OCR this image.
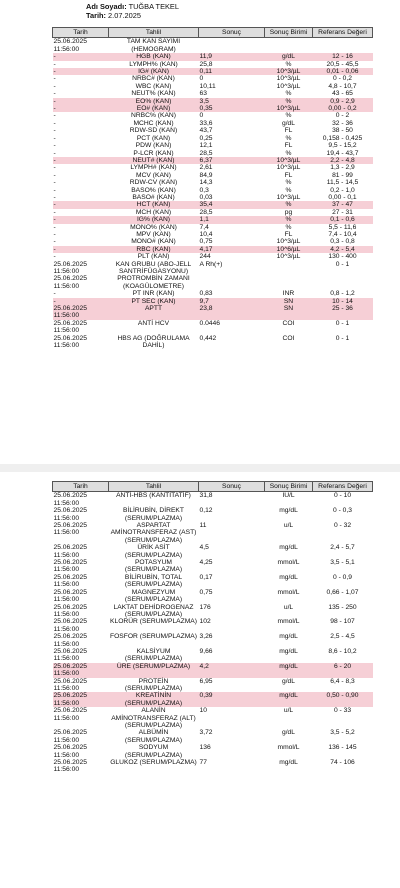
Adı Soyadı: TUĞBA TEKEL
Tarih: 2.07.2025
Tarih	Tahlil	Sonuç	Sonuç Birimi	Referans Değeri
25.06.2025 11:56:00	TAM KAN SAYIMI (HEMOGRAM)			
-	HGB (KAN)	11,9	g/dL	12 - 16
-	LYMPH% (KAN)	25,8	%	20,5 - 45,5
-	IG# (KAN)	0,11	10^3/µL	0,01 - 0,06
-	NRBC# (KAN)	0	10^3/µL	0 - 0,2
-	WBC (KAN)	10,11	10^3/µL	4,8 - 10,7
-	NEUT% (KAN)	63	%	43 - 65
-	EO% (KAN)	3,5	%	0,9 - 2,9
-	EO# (KAN)	0,35	10^3/µL	0,00 - 0,2
-	NRBC% (KAN)	0	%	0 - 2
-	MCHC (KAN)	33,6	g/dL	32 - 36
-	RDW-SD (KAN)	43,7	FL	38 - 50
-	PCT (KAN)	0,25	%	0,158 - 0,425
-	PDW (KAN)	12,1	FL	9,5 - 15,2
-	P-LCR (KAN)	28,5	%	19,4 - 43,7
-	NEUT# (KAN)	6,37	10^3/µL	2,2 - 4,8
-	LYMPH# (KAN)	2,61	10^3/µL	1,3 - 2,9
-	MCV (KAN)	84,9	FL	81 - 99
-	RDW-CV (KAN)	14,3	%	11,5 - 14,5
-	BASO% (KAN)	0,3	%	0,2 - 1,0
-	BASO# (KAN)	0,03	10^3/µL	0,00 - 0,1
-	HCT (KAN)	35,4	%	37 - 47
-	MCH (KAN)	28,5	pg	27 - 31
-	IG% (KAN)	1,1	%	0,1 - 0,6
-	MONO% (KAN)	7,4	%	5,5 - 11,6
-	MPV (KAN)	10,4	FL	7,4 - 10,4
-	MONO# (KAN)	0,75	10^3/µL	0,3 - 0,8
-	RBC (KAN)	4,17	10^6/µL	4,2 - 5,4
-	PLT (KAN)	244	10^3/µL	130 - 400
25.06.2025 11:56:00	KAN GRUBU (ABO-JELL SANTRİFÜGASYONU)	A Rh(+)		0 - 1
25.06.2025 11:56:00	PROTROMBİN ZAMANI (KOAGÜLOMETRE)			
-	PT INR (KAN)	0,83	INR	0,8 - 1,2
-	PT SEC (KAN)	9,7	SN	10 - 14
25.06.2025 11:56:00	APTT	23,8	SN	25 - 36
25.06.2025 11:56:00	ANTİ HCV	0.0446	COI	0 - 1
25.06.2025 11:56:00	HBS AG (DOĞRULAMA DAHİL)	0,442	COI	0 - 1
Tarih	Tahlil	Sonuç	Sonuç Birimi	Referans Değeri
25.06.2025 11:56:00	ANTİ-HBS (KANTİTATİF)	31,8	IU/L	0 - 10
25.06.2025 11:56:00	BİLİRUBİN, DİREKT (SERUM/PLAZMA)	0,12	mg/dL	0 - 0,3
25.06.2025 11:56:00	ASPARTAT AMİNOTRANSFERAZ (AST) (SERUM/PLAZMA)	11	u/L	0 - 32
25.06.2025 11:56:00	ÜRİK ASİT (SERUM/PLAZMA)	4,5	mg/dL	2,4 - 5,7
25.06.2025 11:56:00	POTASYUM (SERUM/PLAZMA)	4,25	mmol/L	3,5 - 5,1
25.06.2025 11:56:00	BİLİRUBİN, TOTAL (SERUM/PLAZMA)	0,17	mg/dL	0 - 0,9
25.06.2025 11:56:00	MAGNEZYUM (SERUM/PLAZMA)	0,75	mmol/L	0,66 - 1,07
25.06.2025 11:56:00	LAKTAT DEHİDROGENAZ (SERUM/PLAZMA)	176	u/L	135 - 250
25.06.2025 11:56:00	KLORÜR (SERUM/PLAZMA)	102	mmol/L	98 - 107
25.06.2025 11:56:00	FOSFOR (SERUM/PLAZMA)	3,26	mg/dL	2,5 - 4,5
25.06.2025 11:56:00	KALSİYUM (SERUM/PLAZMA)	9,66	mg/dL	8,6 - 10,2
25.06.2025 11:56:00	ÜRE (SERUM/PLAZMA)	4,2	mg/dL	6 - 20
25.06.2025 11:56:00	PROTEİN (SERUM/PLAZMA)	6,95	g/dL	6,4 - 8,3
25.06.2025 11:56:00	KREATİNİN (SERUM/PLAZMA)	0,39	mg/dL	0,50 - 0,90
25.06.2025 11:56:00	ALANİN AMİNOTRANSFERAZ (ALT) (SERUM/PLAZMA)	10	u/L	0 - 33
25.06.2025 11:56:00	ALBÜMİN (SERUM/PLAZMA)	3,72	g/dL	3,5 - 5,2
25.06.2025 11:56:00	SODYUM (SERUM/PLAZMA)	136	mmol/L	136 - 145
25.06.2025 11:56:00	GLUKOZ (SERUM/PLAZMA)	77	mg/dL	74 - 106
